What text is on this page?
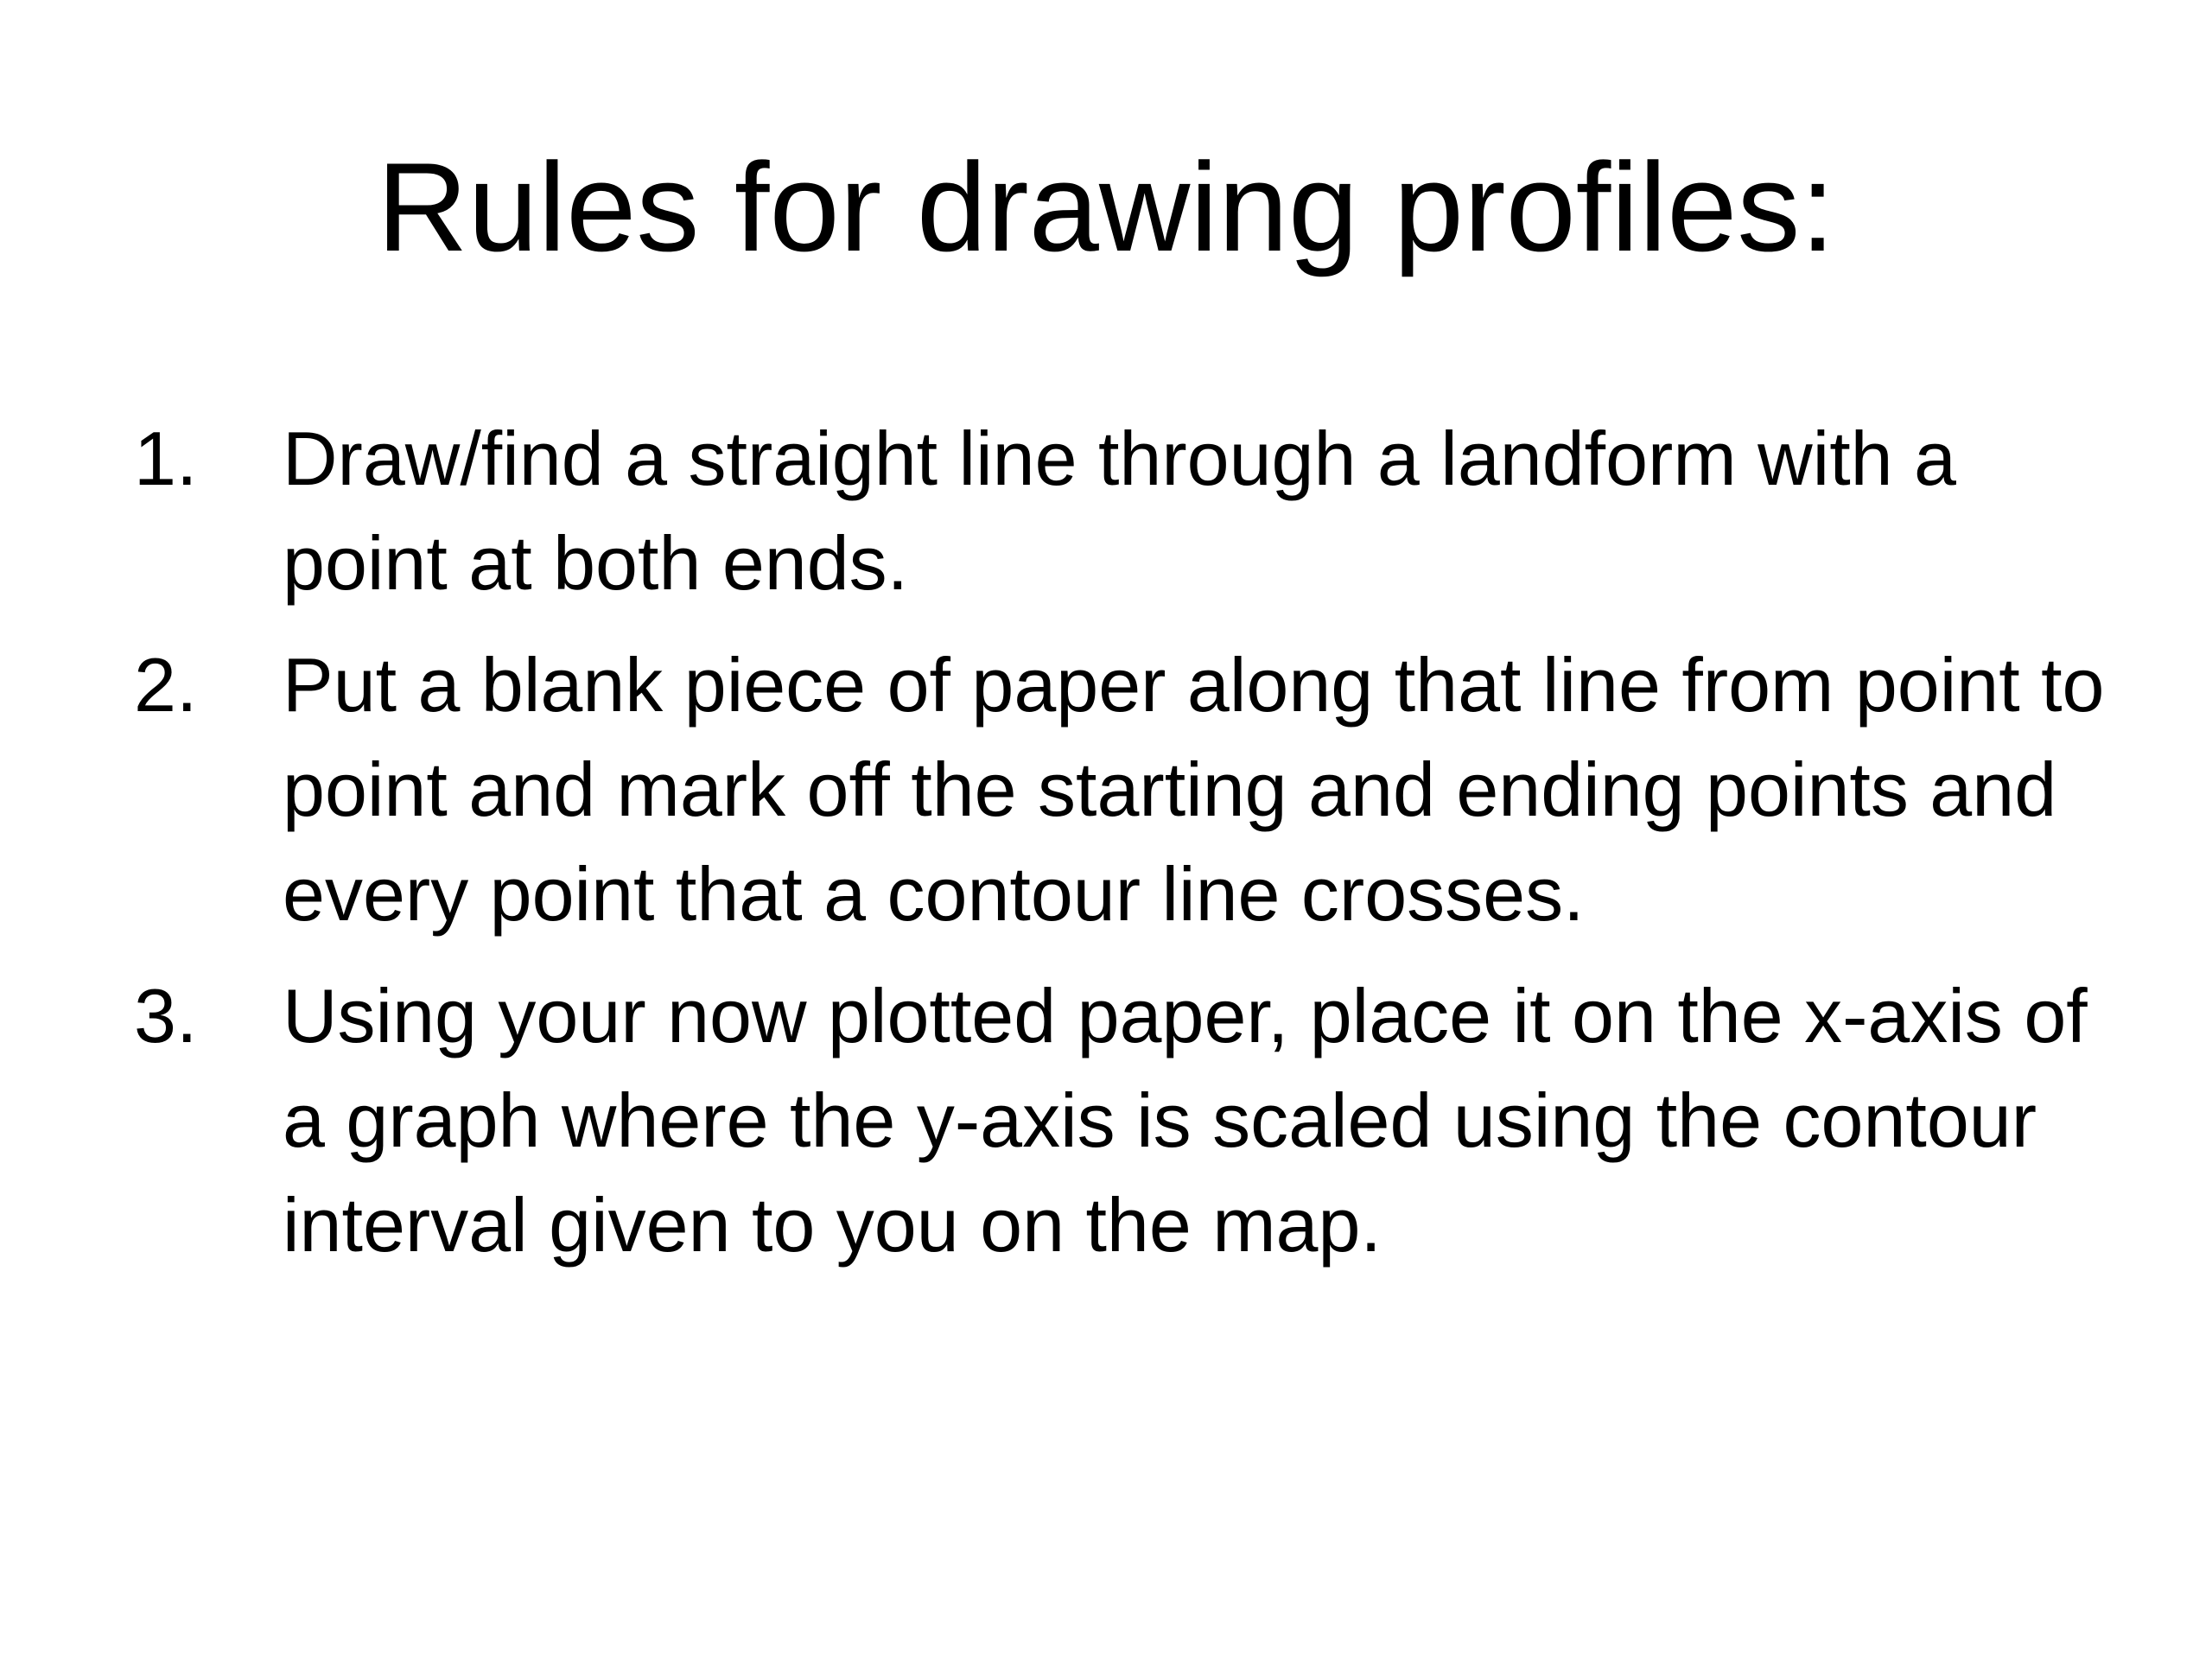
Rules for drawing profiles:
1. Draw/find a straight line through a landform with a point at both ends.
2. Put a blank piece of paper along that line from point to point and mark off the starting and ending points and every point that a contour line crosses.
3. Using your now plotted paper, place it on the x-axis of a graph where the y-axis is scaled using the contour interval given to you on the map.
